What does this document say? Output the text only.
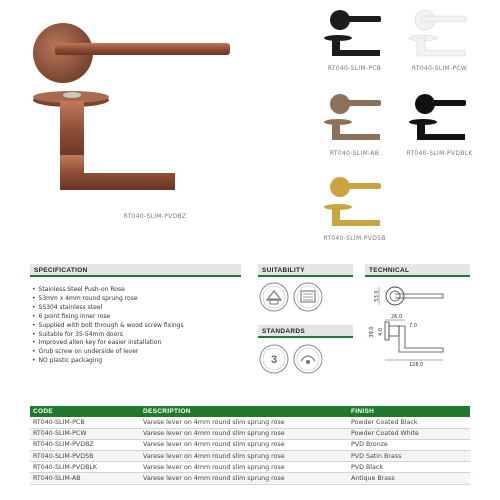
RT040-SLIM-PVDBZ
RT040-SLIM-PCB	RT040-SLIM-PCW
RT040-SLIM-AB	RT040-SLIM-PVDBLK
RT040-SLIM-PVDSB
SPECIFICATION
• Stainless Steel Push-on Rose
• 53mm x 4mm round sprung rose
• SS304 stainless steel
• 6 point fixing inner rose
• Supplied with bolt through & wood screw fixings
• Suitable for 35-54mm doors
• Improved allen key for easier installation
• Grub screw on underside of lever
• NO plastic packaging
SUITABILITY
STANDARDS
3
TECHNICAL
53.0
26.0
7.0
39.0 4.0
128.0
CODE	DESCRIPTION	FINISH
RT040-SLIM-PCB	Varese lever on 4mm round slim sprung rose	Powder Coated Black
RT040-SLIM-PCW	Varese lever on 4mm round slim sprung rose	Powder Coated White
RT040-SLIM-PVDBZ	Varese lever on 4mm round slim sprung rose	PVD Bronze
RT040-SLIM-PVDSB	Varese lever on 4mm round slim sprung rose	PVD Satin Brass
RT040-SLIM-PVDBLK	Varese lever on 4mm round slim sprung rose	PVD Black
RT040-SLIM-AB	Varese lever on 4mm round slim sprung rose	Antique Brass
